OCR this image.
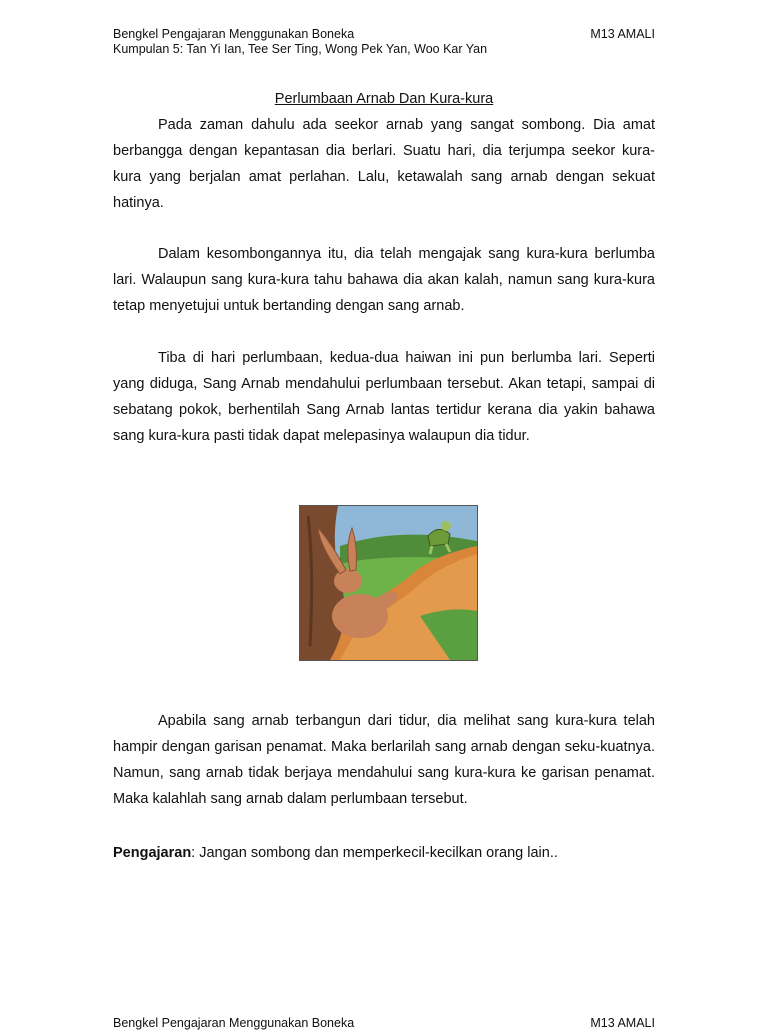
Bengkel Pengajaran Menggunakan Boneka	M13 AMALI
Kumpulan 5: Tan Yi Ian, Tee Ser Ting, Wong Pek Yan, Woo Kar Yan
Perlumbaan Arnab Dan Kura-kura

Pada zaman dahulu ada seekor arnab yang sangat sombong. Dia amat berbangga dengan kepantasan dia berlari. Suatu hari, dia terjumpa seekor kura-kura yang berjalan amat perlahan. Lalu, ketawalah sang arnab dengan sekuat hatinya.

Dalam kesombongannya itu, dia telah mengajak sang kura-kura berlumba lari. Walaupun sang kura-kura tahu bahawa dia akan kalah, namun sang kura-kura tetap menyetujui untuk bertanding dengan sang arnab.

Tiba di hari perlumbaan, kedua-dua haiwan ini pun berlumba lari. Seperti yang diduga, Sang Arnab mendahului perlumbaan tersebut. Akan tetapi, sampai di sebatang pokok, berhentilah Sang Arnab lantas tertidur kerana dia yakin bahawa sang kura-kura pasti tidak dapat melepasinya walaupun dia tidur.

Apabila sang arnab terbangun dari tidur, dia melihat sang kura-kura telah hampir dengan garisan penamat. Maka berlarilah sang arnab dengan seku-kuatnya. Namun, sang arnab tidak berjaya mendahului sang kura-kura ke garisan penamat. Maka kalahlah sang arnab dalam perlumbaan tersebut.

Pengajaran: Jangan sombong dan memperkecil-kecilkan orang lain..

Bengkel Pengajaran Menggunakan Boneka	M13 AMALI
